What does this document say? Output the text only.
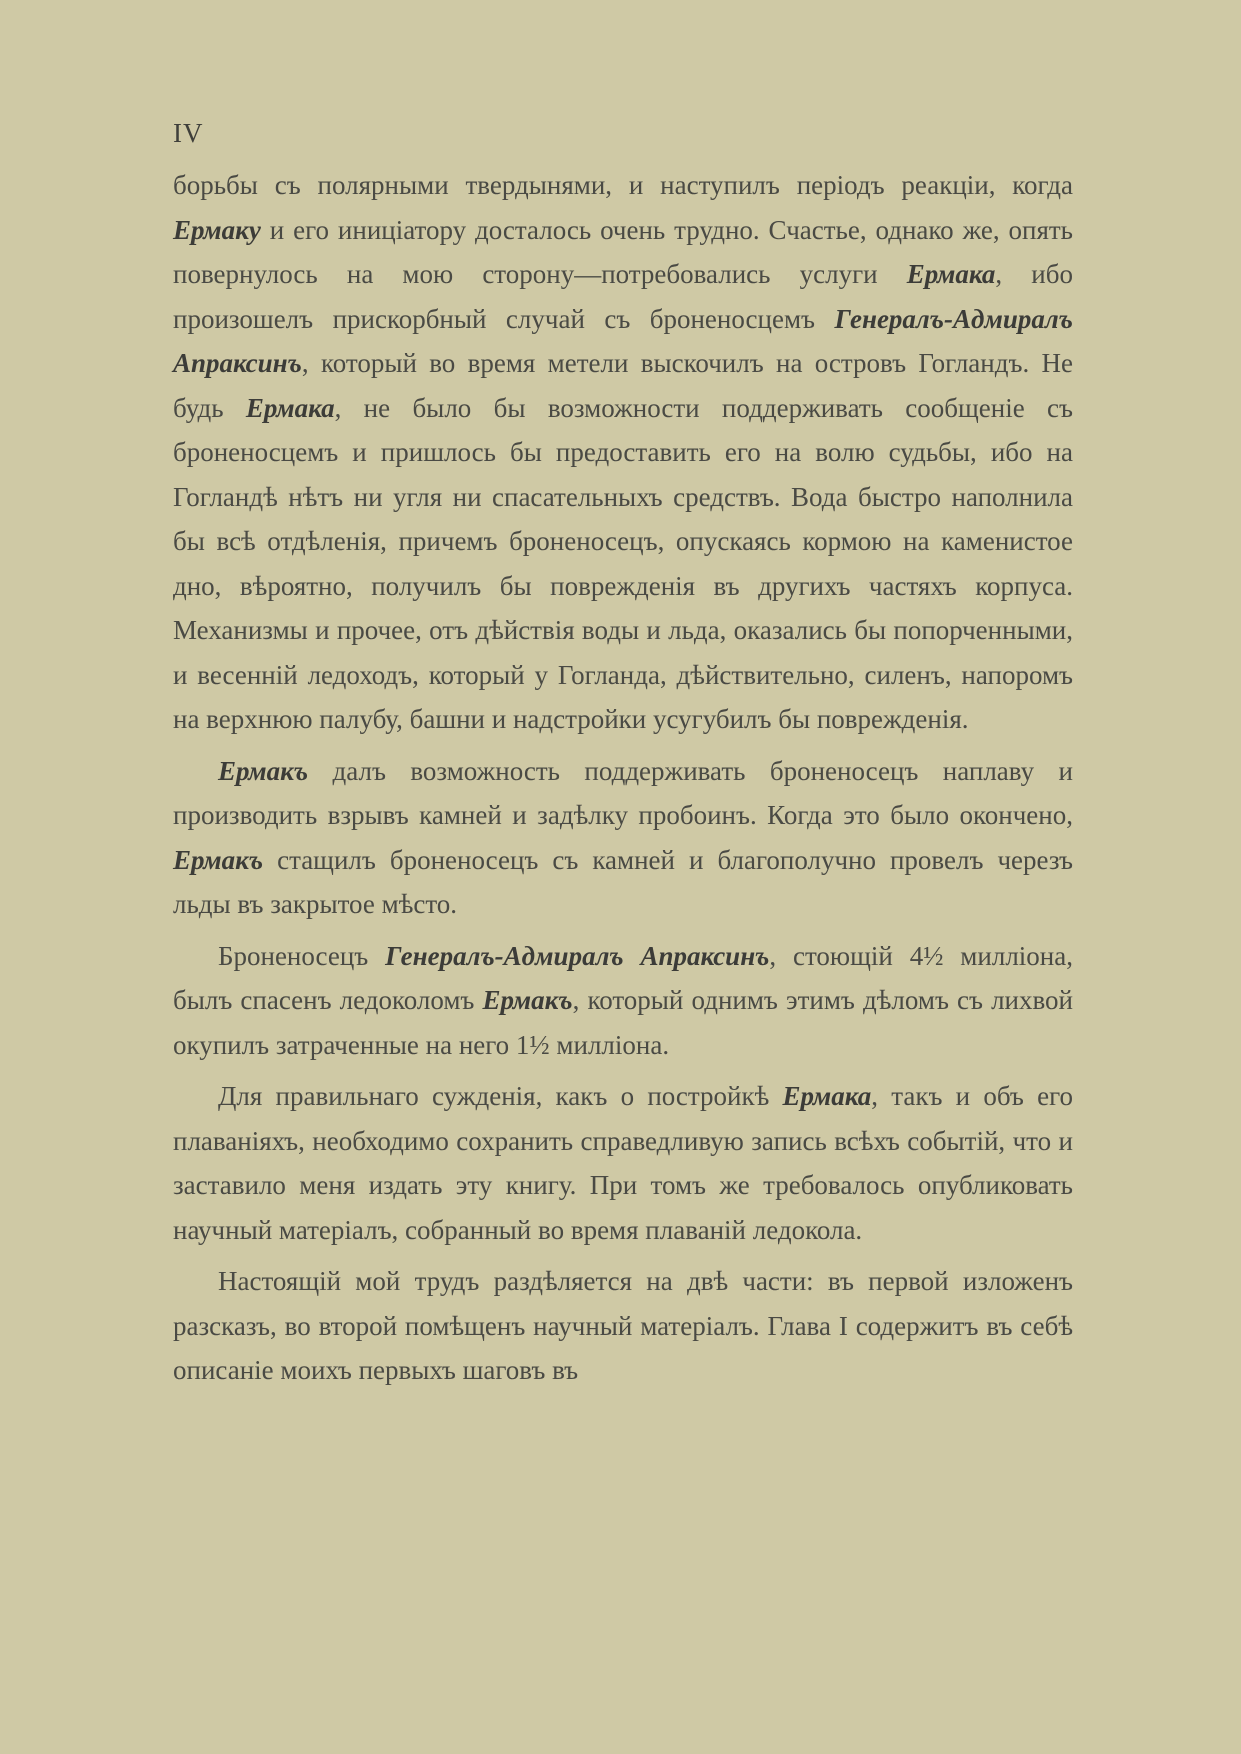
IV

борьбы съ полярными твердынями, и наступилъ періодъ реакціи, когда Ермаку и его иниціатору досталось очень трудно. Счастье, однако же, опять повернулось на мою сторону—потребовались услуги Ермака, ибо произошелъ прискорбный случай съ броненосцемъ Генералъ-Адмиралъ Апраксинъ, который во время метели выскочилъ на островъ Гогландъ. Не будь Ермака, не было бы возможности поддерживать сообщеніе съ броненосцемъ и пришлось бы предоставить его на волю судьбы, ибо на Гогландѣ нѣтъ ни угля ни спасательныхъ средствъ. Вода быстро наполнила бы всѣ отдѣленія, причемъ броненосецъ, опускаясь кормою на каменистое дно, вѣроятно, получилъ бы поврежденія въ другихъ частяхъ корпуса. Механизмы и прочее, отъ дѣйствія воды и льда, оказались бы попорченными, и весенній ледоходъ, который у Гогланда, дѣйствительно, силенъ, напоромъ на верхнюю палубу, башни и надстройки усугубилъ бы поврежденія.

Ермакъ далъ возможность поддерживать броненосецъ наплаву и производить взрывъ камней и задѣлку пробоинъ. Когда это было окончено, Ермакъ стащилъ броненосецъ съ камней и благополучно провелъ черезъ льды въ закрытое мѣсто.

Броненосецъ Генералъ-Адмиралъ Апраксинъ, стоющій 4½ милліона, былъ спасенъ ледоколомъ Ермакъ, который однимъ этимъ дѣломъ съ лихвой окупилъ затраченные на него 1½ милліона.

Для правильнаго сужденія, какъ о постройкѣ Ермака, такъ и объ его плаваніяхъ, необходимо сохранить справедливую запись всѣхъ событій, что и заставило меня издать эту книгу. При томъ же требовалось опубликовать научный матеріалъ, собранный во время плаваній ледокола.

Настоящій мой трудъ раздѣляется на двѣ части: въ первой изложенъ разсказъ, во второй помѣщенъ научный матеріалъ. Глава I содержитъ въ себѣ описаніе моихъ первыхъ шаговъ въ
